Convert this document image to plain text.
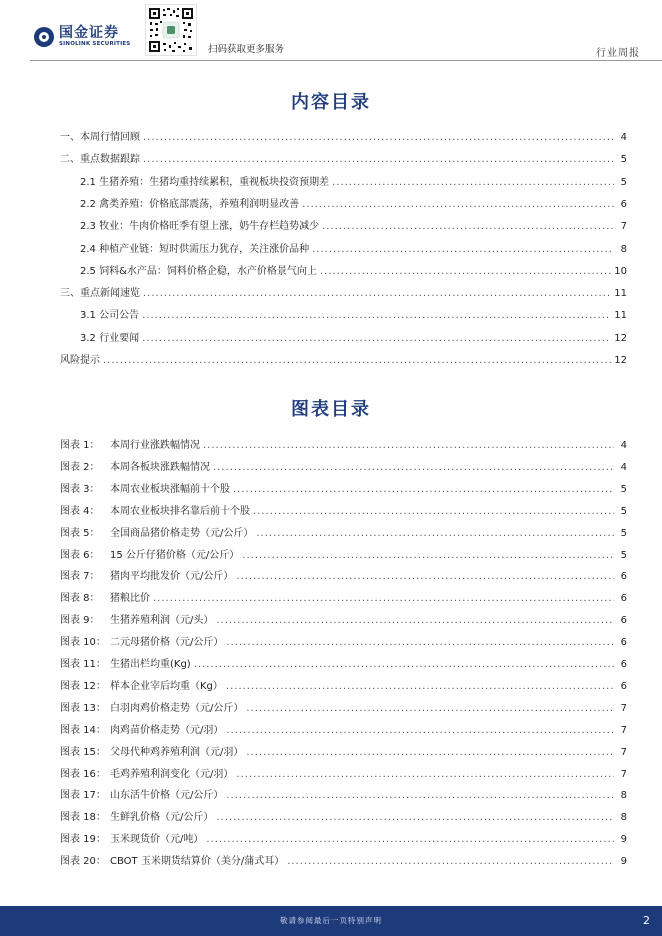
国金证券
SINOLINK SECURITIES	扫码获取更多服务	行业周报
内容目录
一、本周行情回顾 .....	4
二、重点数据跟踪 .....	5
2.1 生猪养殖：生猪均重持续累积，重视板块投资预期差 .....	5
2.2 禽类养殖：价格底部震荡，养殖利润明显改善 .....	6
2.3 牧业：牛肉价格旺季有望上涨，奶牛存栏趋势减少 .....	7
2.4 种植产业链：短时供需压力犹存，关注涨价品种 .....	8
2.5 饲料&水产品：饲料价格企稳，水产价格景气向上 .....	10
三、重点新闻速览 .....	11
3.1 公司公告 .....	11
3.2 行业要闻 .....	12
风险提示 .....	12
图表目录
图表 1：	本周行业涨跌幅情况 .....	4
图表 2：	本周各板块涨跌幅情况 .....	4
图表 3：	本周农业板块涨幅前十个股 .....	5
图表 4：	本周农业板块排名靠后前十个股 .....	5
图表 5：	全国商品猪价格走势（元/公斤） .....	5
图表 6：	15 公斤仔猪价格（元/公斤） .....	5
图表 7：	猪肉平均批发价（元/公斤） .....	6
图表 8：	猪粮比价 .....	6
图表 9：	生猪养殖利润（元/头） .....	6
图表 10： 二元母猪价格（元/公斤） .....	6
图表 11： 生猪出栏均重(Kg) .....	6
图表 12： 样本企业宰后均重（Kg） .....	6
图表 13： 白羽肉鸡价格走势（元/公斤） .....	7
图表 14： 肉鸡苗价格走势（元/羽） .....	7
图表 15： 父母代种鸡养殖利润（元/羽） .....	7
图表 16： 毛鸡养殖利润变化（元/羽） .....	7
图表 17： 山东活牛价格（元/公斤） .....	8
图表 18： 生鲜乳价格（元/公斤） .....	8
图表 19： 玉米现货价（元/吨） .....	9
图表 20： CBOT 玉米期货结算价（美分/蒲式耳） .....	9
敬请参阅最后一页特别声明	2
